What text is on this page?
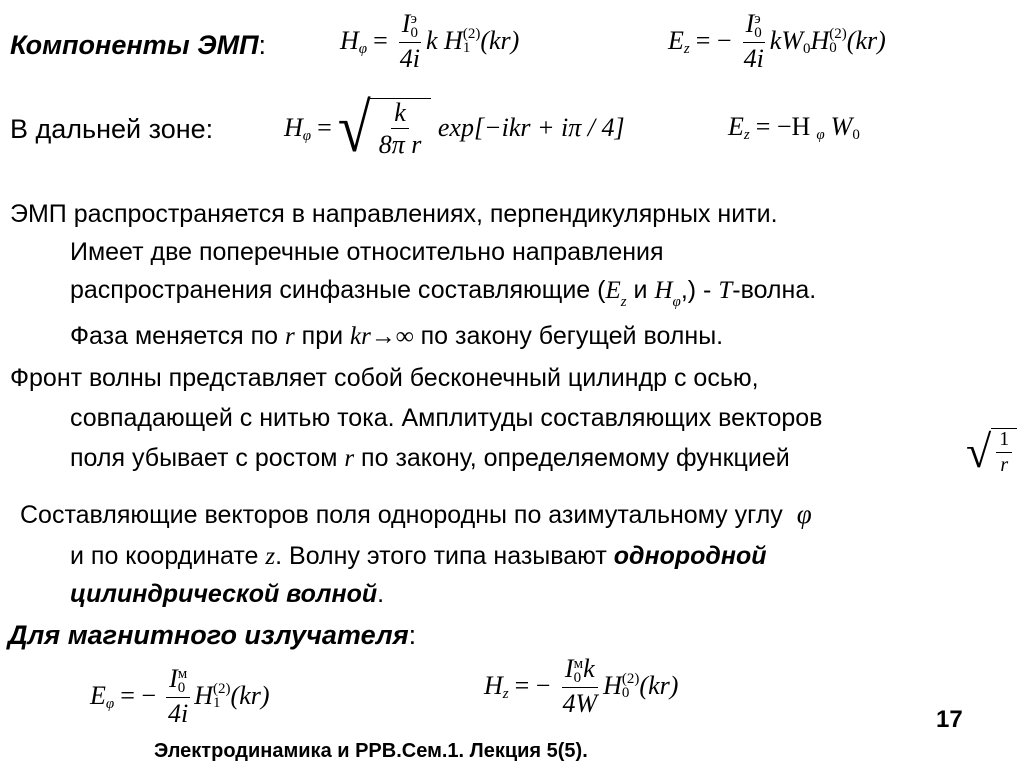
Компоненты ЭМП:	H φ = I э
0
4i k
H (2)
1 (kr)	E z = − I э
0
4i kW 0 H (2)
0 (kr)
В дальней зоне:	H φ = √ $\frac{k}{\text{8π r}}$
exp[−ikr + iπ / 4]	E z = −H φ W 0
ЭМП распространяется в направлениях, перпендикулярных нити.
Имеет две поперечные относительно направления
распространения синфазные составляющие ($E_z$ и $H_\varphi$,) - T-волна.
Фаза меняется по r при kr→∞ по закону бегущей волны.
Фронт волны представляет собой бесконечный цилиндр с осью,
совпадающей с нитью тока. Амплитуды составляющих векторов
поля убывает с ростом r по закону, определяемому функцией	√ $\frac{1}{r}$
Составляющие векторов поля однородны по азимутальному углу φ
и по координате z. Волну этого типа называют однородной
цилиндрической волной.
Для магнитного излучателя:
E φ = − I м
0
4i H (2)
1 (kr)	H z = − I м
0 k
4W H (2)
0 (kr)
17
Электродинамика и РРВ.Сем.1. Лекция 5(5).
